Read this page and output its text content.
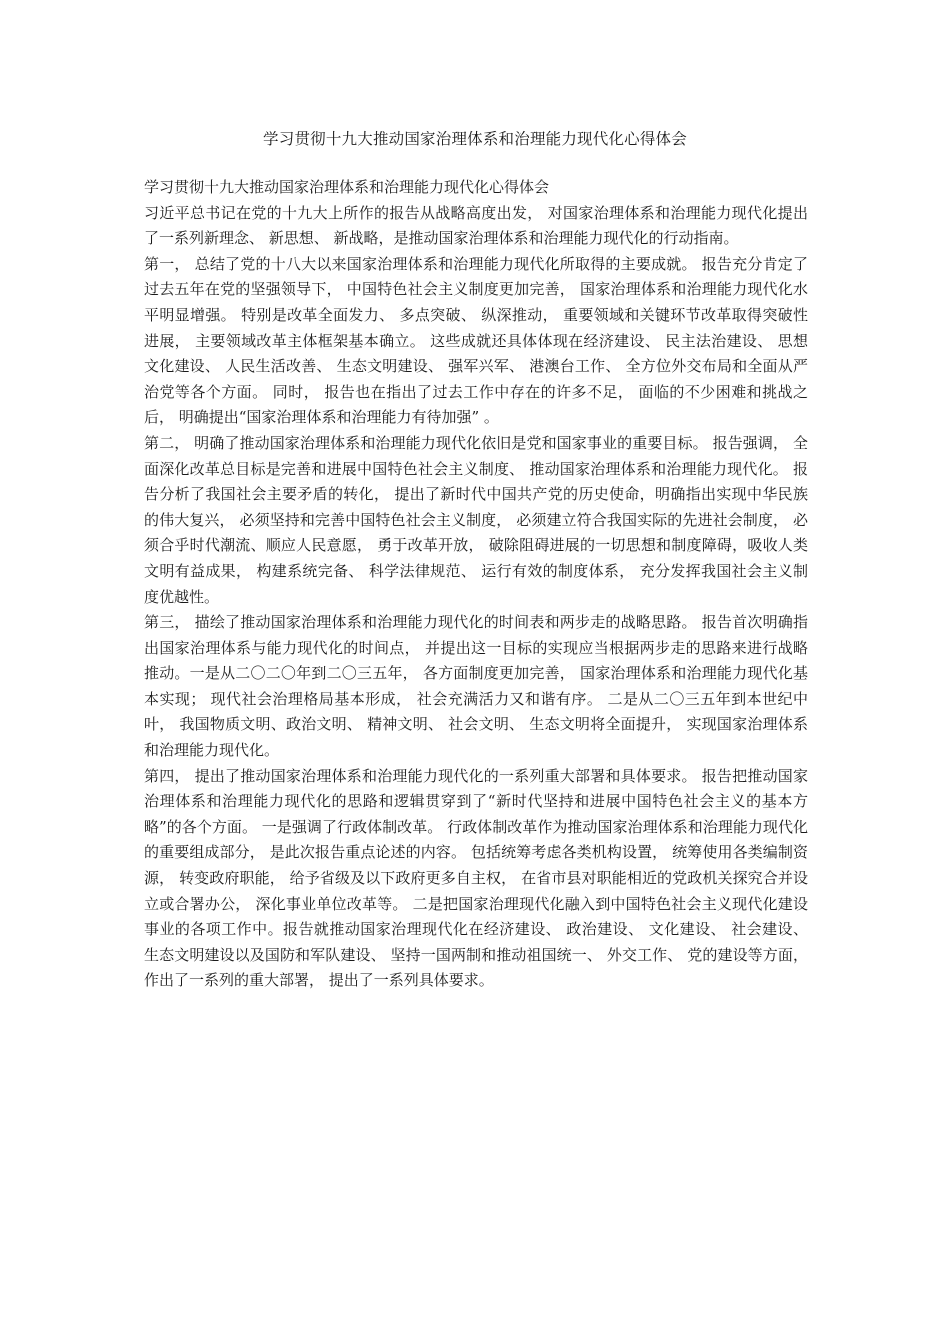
学习贯彻十九大推动国家治理体系和治理能力现代化心得体会

学习贯彻十九大推动国家治理体系和治理能力现代化心得体会

习近平总书记在党的十九大上所作的报告从战略高度出发， 对国家治理体系和治理能力现代化提出了一系列新理念、 新思想、 新战略，是推动国家治理体系和治理能力现代化的行动指南。

第一， 总结了党的十八大以来国家治理体系和治理能力现代化所取得的主要成就。 报告充分肯定了过去五年在党的坚强领导下， 中国特色社会主义制度更加完善， 国家治理体系和治理能力现代化水平明显增强。 特别是改革全面发力、 多点突破、 纵深推动， 重要领域和关键环节改革取得突破性进展， 主要领域改革主体框架基本确立。 这些成就还具体体现在经济建设、 民主法治建设、 思想文化建设、 人民生活改善、 生态文明建设、 强军兴军、 港澳台工作、 全方位外交布局和全面从严治党等各个方面。 同时， 报告也在指出了过去工作中存在的许多不足， 面临的不少困难和挑战之后， 明确提出“国家治理体系和治理能力有待加强” 。

第二， 明确了推动国家治理体系和治理能力现代化依旧是党和国家事业的重要目标。 报告强调， 全面深化改革总目标是完善和进展中国特色社会主义制度、 推动国家治理体系和治理能力现代化。 报告分析了我国社会主要矛盾的转化， 提出了新时代中国共产党的历史使命，明确指出实现中华民族的伟大复兴， 必须坚持和完善中国特色社会主义制度， 必须建立符合我国实际的先进社会制度， 必须合乎时代潮流、顺应人民意愿， 勇于改革开放， 破除阻碍进展的一切思想和制度障碍，吸收人类文明有益成果， 构建系统完备、 科学法律规范、 运行有效的制度体系， 充分发挥我国社会主义制度优越性。

第三， 描绘了推动国家治理体系和治理能力现代化的时间表和两步走的战略思路。 报告首次明确指出国家治理体系与能力现代化的时间点， 并提出这一目标的实现应当根据两步走的思路来进行战略推动。一是从二〇二〇年到二〇三五年， 各方面制度更加完善， 国家治理体系和治理能力现代化基本实现； 现代社会治理格局基本形成， 社会充满活力又和谐有序。 二是从二〇三五年到本世纪中叶， 我国物质文明、政治文明、 精神文明、 社会文明、 生态文明将全面提升， 实现国家治理体系和治理能力现代化。

第四， 提出了推动国家治理体系和治理能力现代化的一系列重大部署和具体要求。 报告把推动国家治理体系和治理能力现代化的思路和逻辑贯穿到了“新时代坚持和进展中国特色社会主义的基本方略”的各个方面。 一是强调了行政体制改革。 行政体制改革作为推动国家治理体系和治理能力现代化的重要组成部分， 是此次报告重点论述的内容。 包括统筹考虑各类机构设置， 统筹使用各类编制资源， 转变政府职能， 给予省级及以下政府更多自主权， 在省市县对职能相近的党政机关探究合并设立或合署办公， 深化事业单位改革等。 二是把国家治理现代化融入到中国特色社会主义现代化建设事业的各项工作中。报告就推动国家治理现代化在经济建设、 政治建设、 文化建设、 社会建设、 生态文明建设以及国防和军队建设、 坚持一国两制和推动祖国统一、 外交工作、 党的建设等方面， 作出了一系列的重大部署， 提出了一系列具体要求。
